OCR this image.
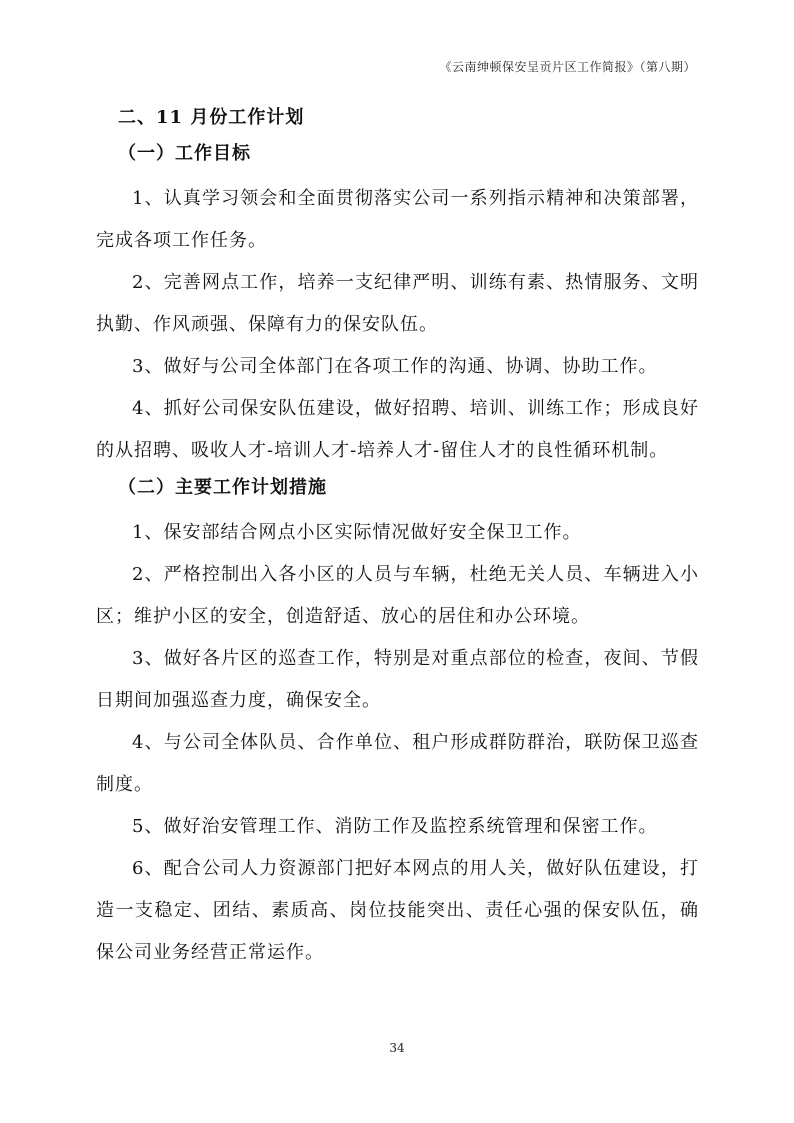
《云南绅顿保安呈贡片区工作简报》（第八期）
二、11 月份工作计划
（一）工作目标

1、认真学习领会和全面贯彻落实公司一系列指示精神和决策部署，完成各项工作任务。

2、完善网点工作，培养一支纪律严明、训练有素、热情服务、文明执勤、作风顽强、保障有力的保安队伍。

3、做好与公司全体部门在各项工作的沟通、协调、协助工作。

4、抓好公司保安队伍建设，做好招聘、培训、训练工作；形成良好的从招聘、吸收人才-培训人才-培养人才-留住人才的良性循环机制。

（二）主要工作计划措施

1、保安部结合网点小区实际情况做好安全保卫工作。

2、严格控制出入各小区的人员与车辆，杜绝无关人员、车辆进入小区；维护小区的安全，创造舒适、放心的居住和办公环境。

3、做好各片区的巡查工作，特别是对重点部位的检查，夜间、节假日期间加强巡查力度，确保安全。

4、与公司全体队员、合作单位、租户形成群防群治，联防保卫巡查制度。

5、做好治安管理工作、消防工作及监控系统管理和保密工作。

6、配合公司人力资源部门把好本网点的用人关，做好队伍建设，打造一支稳定、团结、素质高、岗位技能突出、责任心强的保安队伍，确保公司业务经营正常运作。

34
